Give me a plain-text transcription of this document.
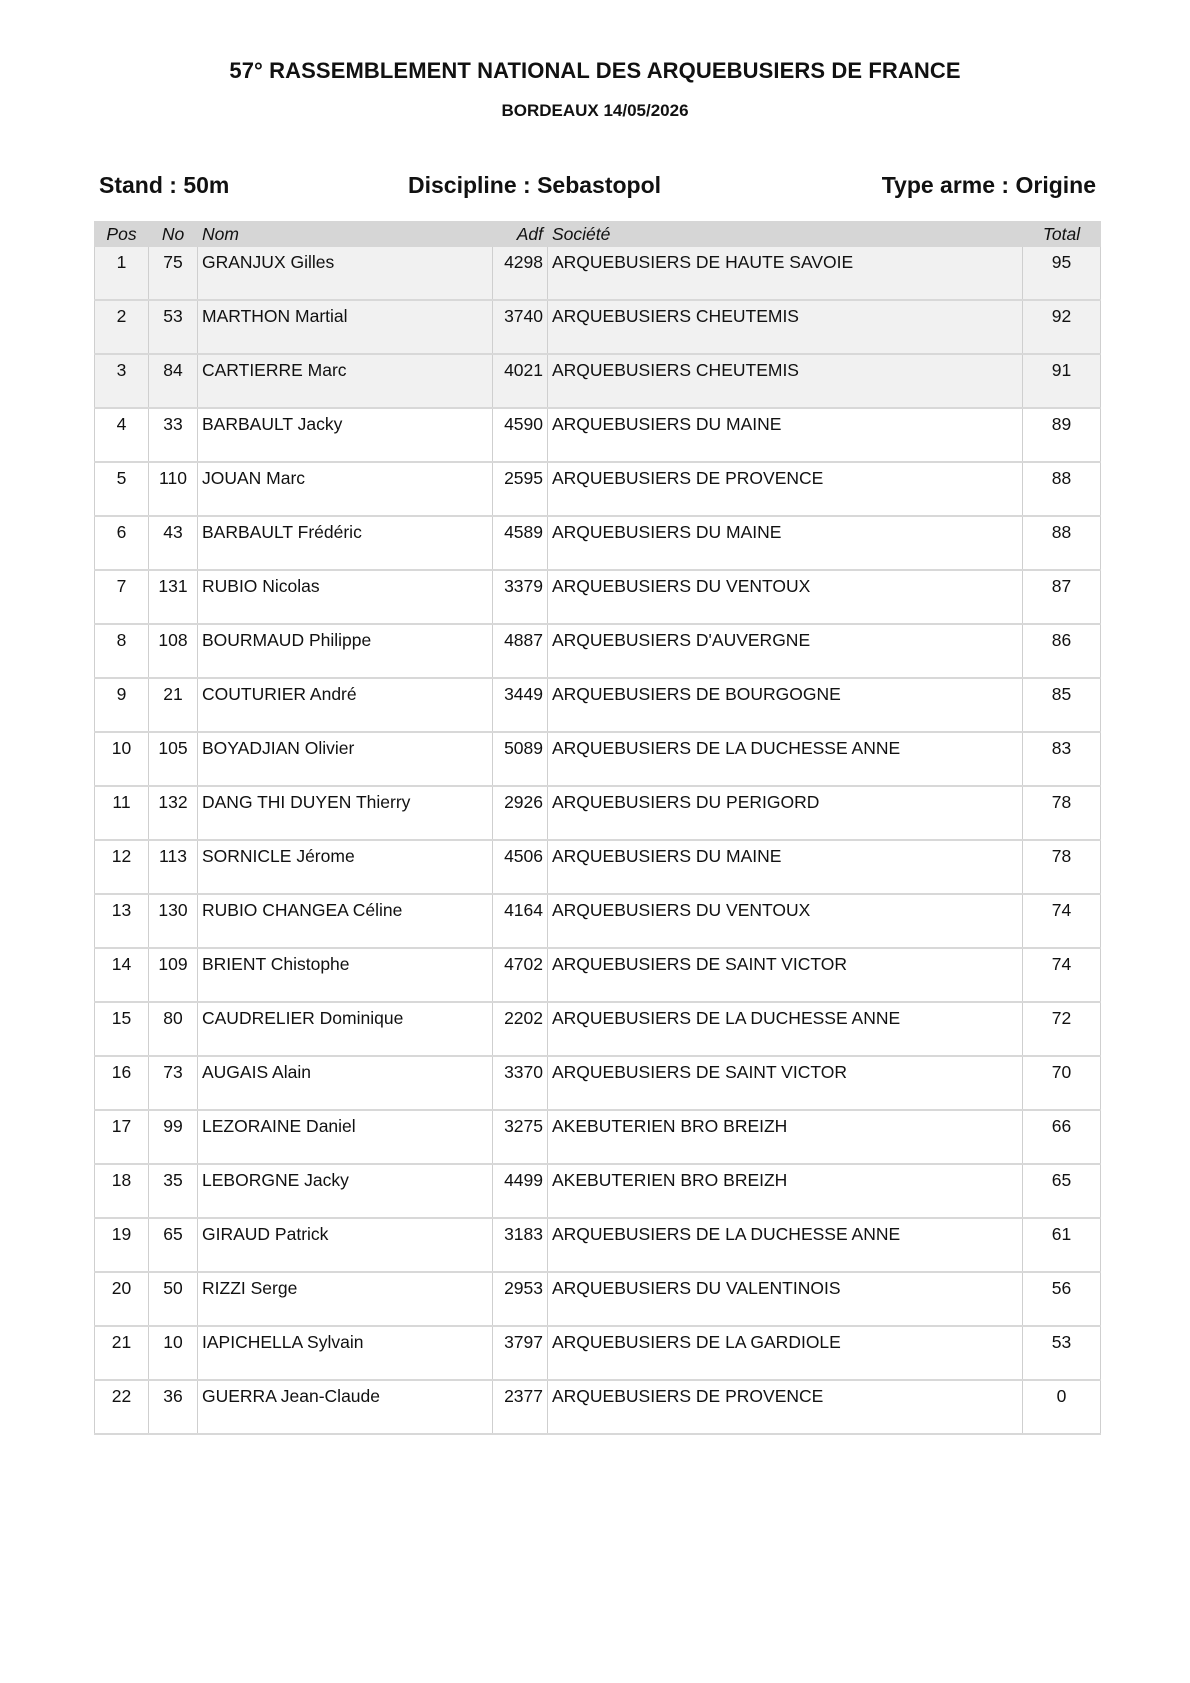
57° RASSEMBLEMENT NATIONAL DES ARQUEBUSIERS DE FRANCE
BORDEAUX 14/05/2026
Stand : 50m	Discipline : Sebastopol	Type arme : Origine
Pos	No	Nom	Adf	Société	Total
1	75	GRANJUX Gilles	4298	ARQUEBUSIERS DE HAUTE SAVOIE	95
2	53	MARTHON Martial	3740	ARQUEBUSIERS CHEUTEMIS	92
3	84	CARTIERRE Marc	4021	ARQUEBUSIERS CHEUTEMIS	91
4	33	BARBAULT Jacky	4590	ARQUEBUSIERS DU MAINE	89
5	110	JOUAN Marc	2595	ARQUEBUSIERS DE PROVENCE	88
6	43	BARBAULT Frédéric	4589	ARQUEBUSIERS DU MAINE	88
7	131	RUBIO Nicolas	3379	ARQUEBUSIERS DU VENTOUX	87
8	108	BOURMAUD Philippe	4887	ARQUEBUSIERS D'AUVERGNE	86
9	21	COUTURIER André	3449	ARQUEBUSIERS DE BOURGOGNE	85
10	105	BOYADJIAN Olivier	5089	ARQUEBUSIERS DE LA DUCHESSE ANNE	83
11	132	DANG THI DUYEN Thierry	2926	ARQUEBUSIERS DU PERIGORD	78
12	113	SORNICLE Jérome	4506	ARQUEBUSIERS DU MAINE	78
13	130	RUBIO CHANGEA Céline	4164	ARQUEBUSIERS DU VENTOUX	74
14	109	BRIENT Chistophe	4702	ARQUEBUSIERS DE SAINT VICTOR	74
15	80	CAUDRELIER Dominique	2202	ARQUEBUSIERS DE LA DUCHESSE ANNE	72
16	73	AUGAIS Alain	3370	ARQUEBUSIERS DE SAINT VICTOR	70
17	99	LEZORAINE Daniel	3275	AKEBUTERIEN BRO BREIZH	66
18	35	LEBORGNE Jacky	4499	AKEBUTERIEN BRO BREIZH	65
19	65	GIRAUD Patrick	3183	ARQUEBUSIERS DE LA DUCHESSE ANNE	61
20	50	RIZZI Serge	2953	ARQUEBUSIERS DU VALENTINOIS	56
21	10	IAPICHELLA Sylvain	3797	ARQUEBUSIERS DE LA GARDIOLE	53
22	36	GUERRA Jean-Claude	2377	ARQUEBUSIERS DE PROVENCE	0
